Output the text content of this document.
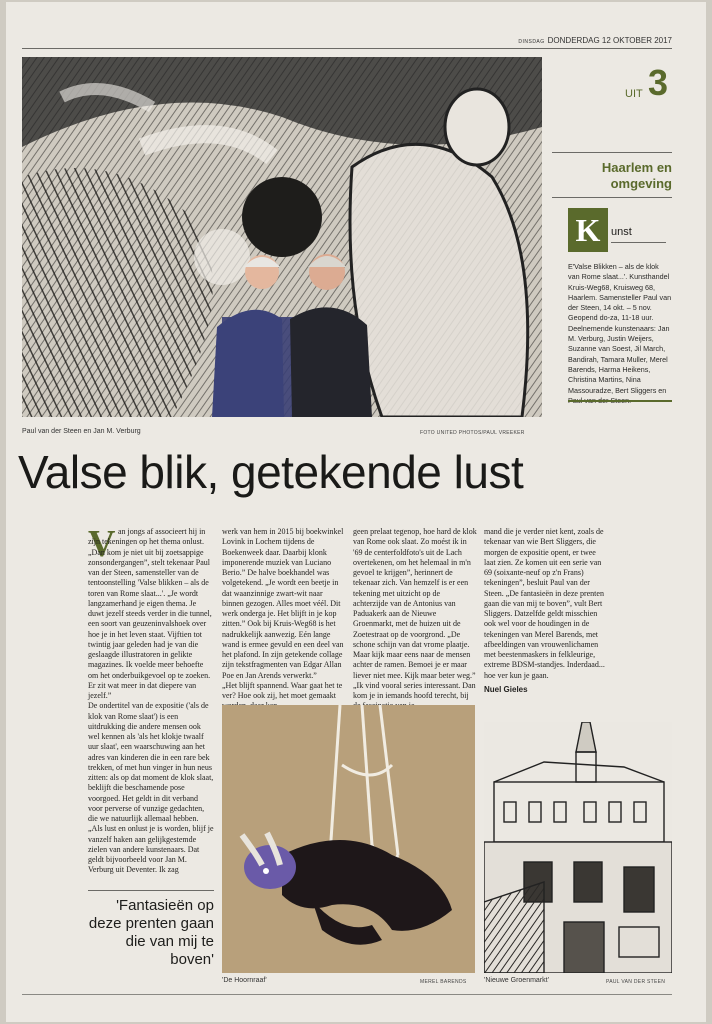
DINSDAG DONDERDAG 12 OKTOBER 2017
UIT 3
Haarlem en
omgeving
K unst
E'Valse Blikken – als de klok van Rome slaat...'. Kunsthandel Kruis-Weg68, Kruisweg 68, Haarlem. Samensteller Paul van der Steen, 14 okt. – 5 nov. Geopend do-za, 11-18 uur. Deelnemende kunstenaars: Jan M. Verburg, Justin Weijers, Suzanne van Soest, Jil March, Bandirah, Tamara Muller, Merel Barends, Harma Heikens, Christina Martins, Nina Massouradze, Bert Sliggers en
Paul van der Steen en Jan M. Verburg	FOTO UNITED PHOTOS/PAUL VREEKER
Valse blik, getekende lust
V an jongs af associeert hij in zijn tekeningen op het thema onlust. „Dan kom je niet uit bij zoetsappige zonsondergangen”, stelt tekenaar Paul van der Steen, samensteller van de tentoonstelling 'Valse blikken – als de toren van Rome slaat...'. „Je wordt langzamerhand je eigen thema. Je duwt jezelf steeds verder in die tunnel, een soort van geuzeninvalshoek over hoe je in het leven staat. Vijftien tot twintig jaar geleden had je van die geslaagde illustratoren in gelikte magazines. Ik voelde meer behoefte om het onderbuikgevoel op te zoeken. Er zit wat meer in dat diepere van jezelf.”

De ondertitel van de expositie ('als de klok van Rome slaat') is een uitdrukking die andere mensen ook wel kennen als 'als het klokje twaalf uur slaat', een waarschuwing aan het adres van kinderen die in een rare bek trekken, of met hun vinger in hun neus zitten: als op dat moment de klok slaat, beklijft die beschamende pose voorgoed. Het geldt in dit verband voor perverse of vunzige gedachten, die we natuurlijk allemaal hebben.

„Als lust en onlust je is worden, blijf je vanzelf haken aan gelijkgestemde zielen van andere kunstenaars. Dat geldt bijvoorbeeld voor Jan M. Verburg uit Deventer. Ik zag

werk van hem in 2015 bij boekwinkel Lovink in Lochem tijdens de Boekenweek daar. Daarbij klonk imponerende muziek van Luciano Berio.” De halve boekhandel was volgetekend. „Je wordt een beetje in dat waanzinnige zwart-wit naar binnen gezogen. Alles moet véél. Dit werk onderga je. Het blijft in je kop zitten.” Ook bij Kruis-Weg68 is het nadrukkelijk aanwezig. Eén lange wand is ermee gevuld en een deel van het plafond. In zijn getekende collage zijn tekstfragmenten van Edgar Allan Poe en Jan Arends verwerkt.”

„Het blijft spannend. Waar gaat het te ver? Hoe ook zij, het moet gemaakt

geen prelaat tegenop, hoe hard de klok van Rome ook slaat. Zo moést ik in '69 de centerfoldfoto's uit de Lach overtekenen, om het helemaal in m'n gevoel te krijgen”, herinnert de tekenaar zich. Van hemzelf is er een tekening met uitzicht op de achterzijde van de Antonius van Paduakerk aan de Nieuwe Groenmarkt, met de huizen uit de Zoetestraat op de voorgrond. „De schone schijn van dat vrome plaatje. Maar kijk maar eens naar de mensen achter de ramen. Bemoei je er maar liever niet mee. Kijk maar beter weg.”

„Ik vind vooral series interessant. Dan kom je in iemands hoofd terecht, bij

mand die je verder niet kent, zoals de tekenaar van wie Bert Sliggers, die morgen de expositie opent, er twee laat zien. Ze komen uit een serie van 69 (soixante-neuf op z'n Frans) tekeningen”, besluit Paul van der Steen. „De fantasieën in deze prenten gaan die van mij te boven”, vult Bert Sliggers. Datzelfde geldt misschien ook wel voor de houdingen in de tekeningen van Merel Barends, met afbeeldingen van vrouwenlichamen met beestenmaskers in felkleurige, extreme BDSM-standjes. Inderdaad... hoe ver kun je gaan.

Nuel Gieles

'Fantasieën op deze prenten gaan die van mij te boven'
'De Hoornraaf'	MEREL BARENDS 'Nieuwe Groenmarkt'	PAUL VAN DER STEEN
